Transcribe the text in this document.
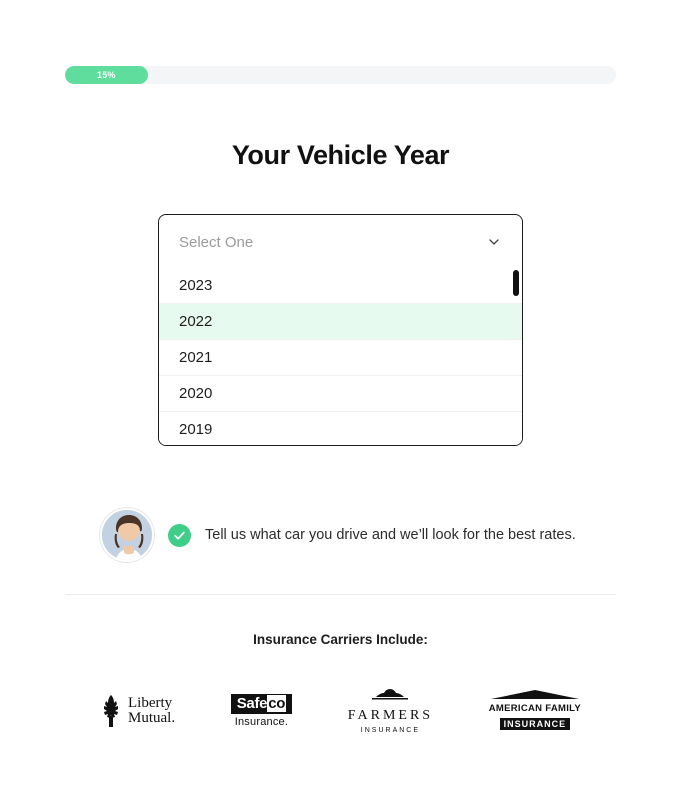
15%
Your Vehicle Year
Select One
2023
2022
2021
2020
2019
Tell us what car you drive and we’ll look for the best rates.
Insurance Carriers Include:
Liberty
Mutual.
Safeco
Insurance.	FARMERS
INSURANCE
AMERICAN FAMILY
INSURANCE
